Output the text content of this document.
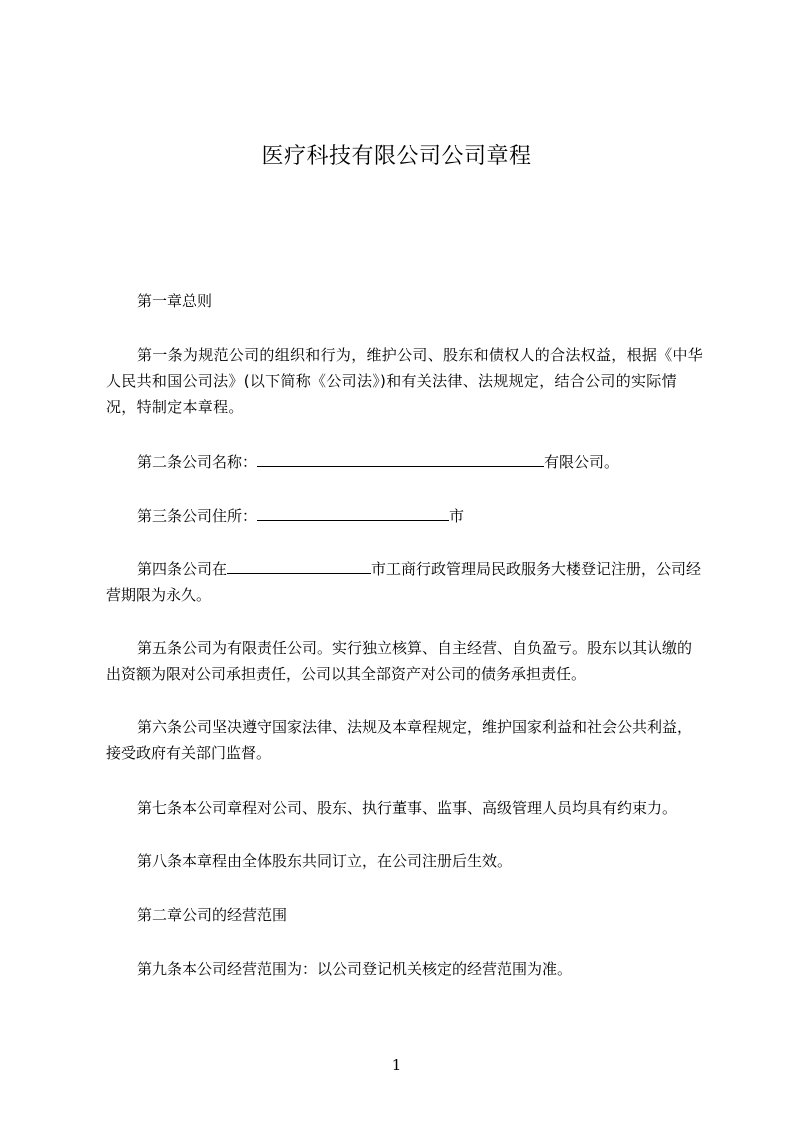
医疗科技有限公司公司章程

第一章总则

第一条为规范公司的组织和行为，维护公司、股东和债权人的合法权益，根据《中华人民共和国公司法》(以下简称《公司法》)和有关法律、法规规定，结合公司的实际情况，特制定本章程。

第二条公司名称：	有限公司。

第三条公司住所：	市

第四条公司在	市工商行政管理局民政服务大楼登记注册，公司经营期限为永久。

第五条公司为有限责任公司。实行独立核算、自主经营、自负盈亏。股东以其认缴的出资额为限对公司承担责任，公司以其全部资产对公司的债务承担责任。

第六条公司坚决遵守国家法律、法规及本章程规定，维护国家利益和社会公共利益，接受政府有关部门监督。

第七条本公司章程对公司、股东、执行董事、监事、高级管理人员均具有约束力。

第八条本章程由全体股东共同订立，在公司注册后生效。

第二章公司的经营范围

第九条本公司经营范围为：以公司登记机关核定的经营范围为准。

1
